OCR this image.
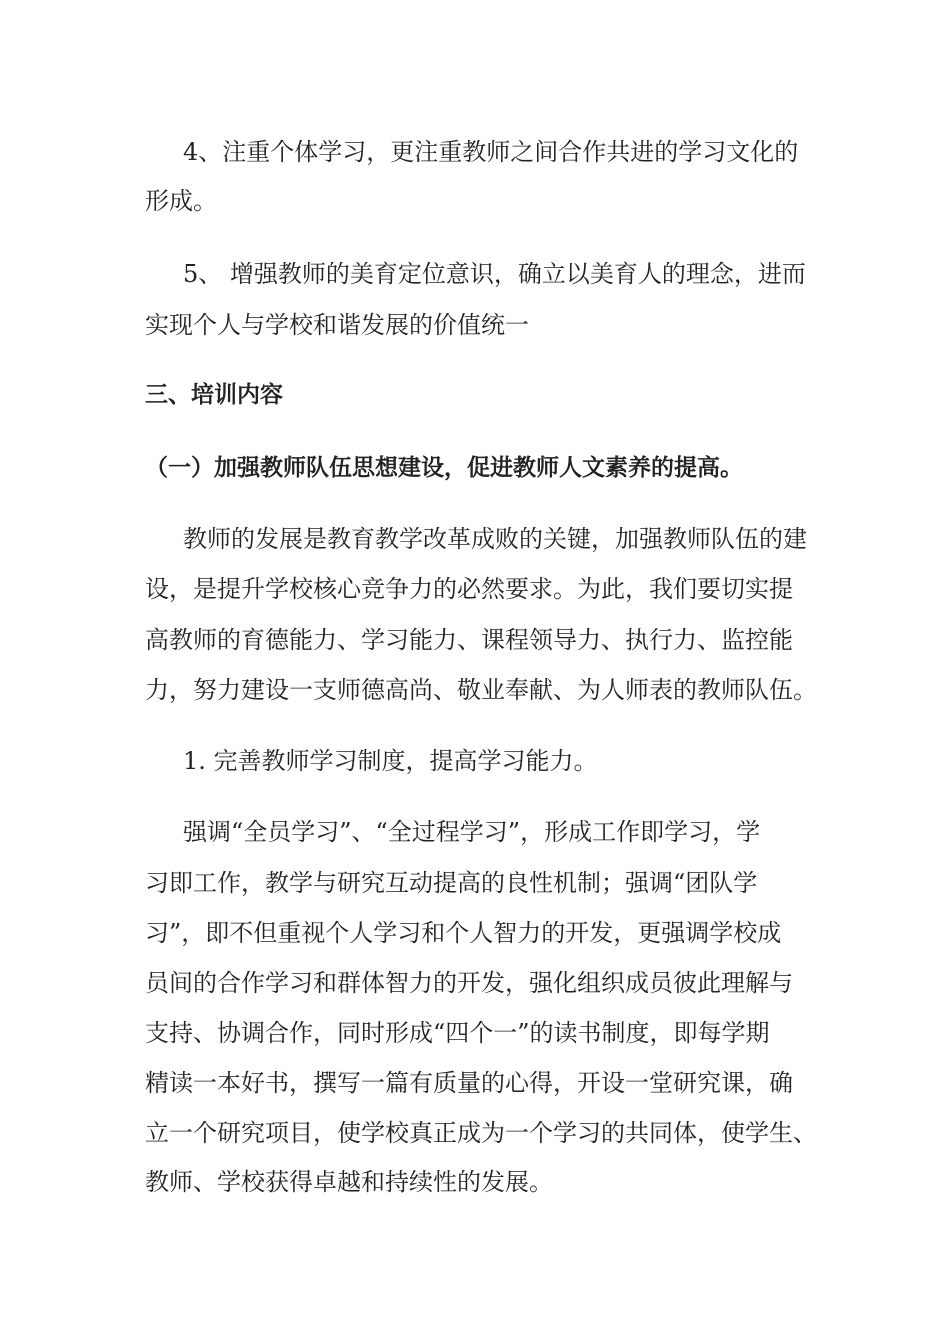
4、注重个体学习，更注重教师之间合作共进的学习文化的
形成。
5、 增强教师的美育定位意识，确立以美育人的理念，进而
实现个人与学校和谐发展的价值统一
三、培训内容
（一）加强教师队伍思想建设，促进教师人文素养的提高。
教师的发展是教育教学改革成败的关键，加强教师队伍的建
设，是提升学校核心竞争力的必然要求。为此，我们要切实提
高教师的育德能力、学习能力、课程领导力、执行力、监控能
力，努力建设一支师德高尚、敬业奉献、为人师表的教师队伍。
1. 完善教师学习制度，提高学习能力。
强调“全员学习”、“全过程学习”，形成工作即学习，学
习即工作，教学与研究互动提高的良性机制；强调“团队学
习”，即不但重视个人学习和个人智力的开发，更强调学校成
员间的合作学习和群体智力的开发，强化组织成员彼此理解与
支持、协调合作，同时形成“四个一”的读书制度，即每学期
精读一本好书，撰写一篇有质量的心得，开设一堂研究课，确
立一个研究项目，使学校真正成为一个学习的共同体，使学生、
教师、学校获得卓越和持续性的发展。
